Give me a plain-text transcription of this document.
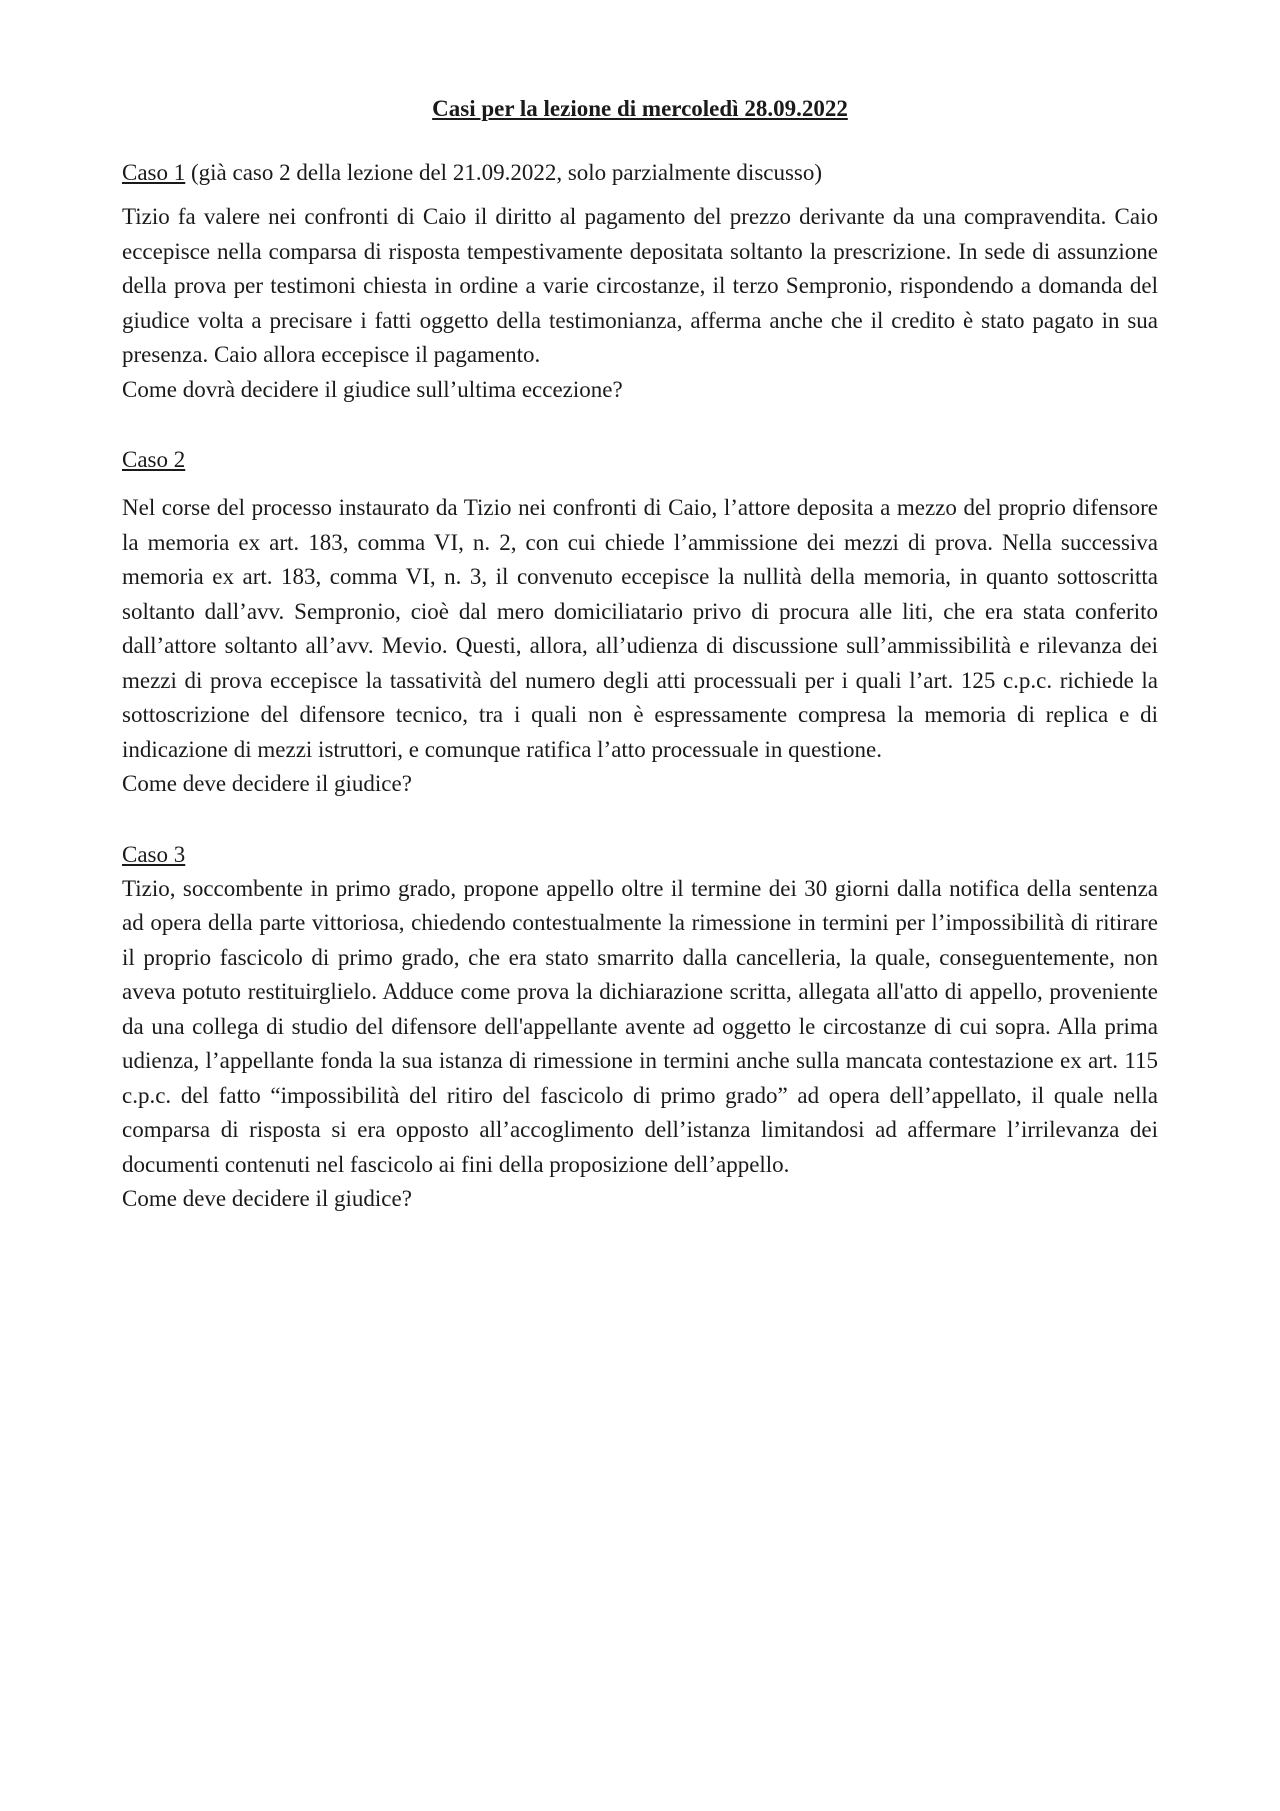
Casi per la lezione di mercoledì 28.09.2022
Caso 1 (già caso 2 della lezione del 21.09.2022, solo parzialmente discusso)

Tizio fa valere nei confronti di Caio il diritto al pagamento del prezzo derivante da una compravendita. Caio eccepisce nella comparsa di risposta tempestivamente depositata soltanto la prescrizione. In sede di assunzione della prova per testimoni chiesta in ordine a varie circostanze, il terzo Sempronio, rispondendo a domanda del giudice volta a precisare i fatti oggetto della testimonianza, afferma anche che il credito è stato pagato in sua presenza. Caio allora eccepisce il pagamento.

Come dovrà decidere il giudice sull’ultima eccezione?

Caso 2

Nel corse del processo instaurato da Tizio nei confronti di Caio, l’attore deposita a mezzo del proprio difensore la memoria ex art. 183, comma VI, n. 2, con cui chiede l’ammissione dei mezzi di prova. Nella successiva memoria ex art. 183, comma VI, n. 3, il convenuto eccepisce la nullità della memoria, in quanto sottoscritta soltanto dall’avv. Sempronio, cioè dal mero domiciliatario privo di procura alle liti, che era stata conferito dall’attore soltanto all’avv. Mevio. Questi, allora, all’udienza di discussione sull’ammissibilità e rilevanza dei mezzi di prova eccepisce la tassatività del numero degli atti processuali per i quali l’art. 125 c.p.c. richiede la sottoscrizione del difensore tecnico, tra i quali non è espressamente compresa la memoria di replica e di indicazione di mezzi istruttori, e comunque ratifica l’atto processuale in questione.

Come deve decidere il giudice?

Caso 3

Tizio, soccombente in primo grado, propone appello oltre il termine dei 30 giorni dalla notifica della sentenza ad opera della parte vittoriosa, chiedendo contestualmente la rimessione in termini per l’impossibilità di ritirare il proprio fascicolo di primo grado, che era stato smarrito dalla cancelleria, la quale, conseguentemente, non aveva potuto restituirglielo. Adduce come prova la dichiarazione scritta, allegata all'atto di appello, proveniente da una collega di studio del difensore dell'appellante avente ad oggetto le circostanze di cui sopra. Alla prima udienza, l’appellante fonda la sua istanza di rimessione in termini anche sulla mancata contestazione ex art. 115 c.p.c. del fatto “impossibilità del ritiro del fascicolo di primo grado” ad opera dell’appellato, il quale nella comparsa di risposta si era opposto all’accoglimento dell’istanza limitandosi ad affermare l’irrilevanza dei documenti contenuti nel fascicolo ai fini della proposizione dell’appello.

Come deve decidere il giudice?
